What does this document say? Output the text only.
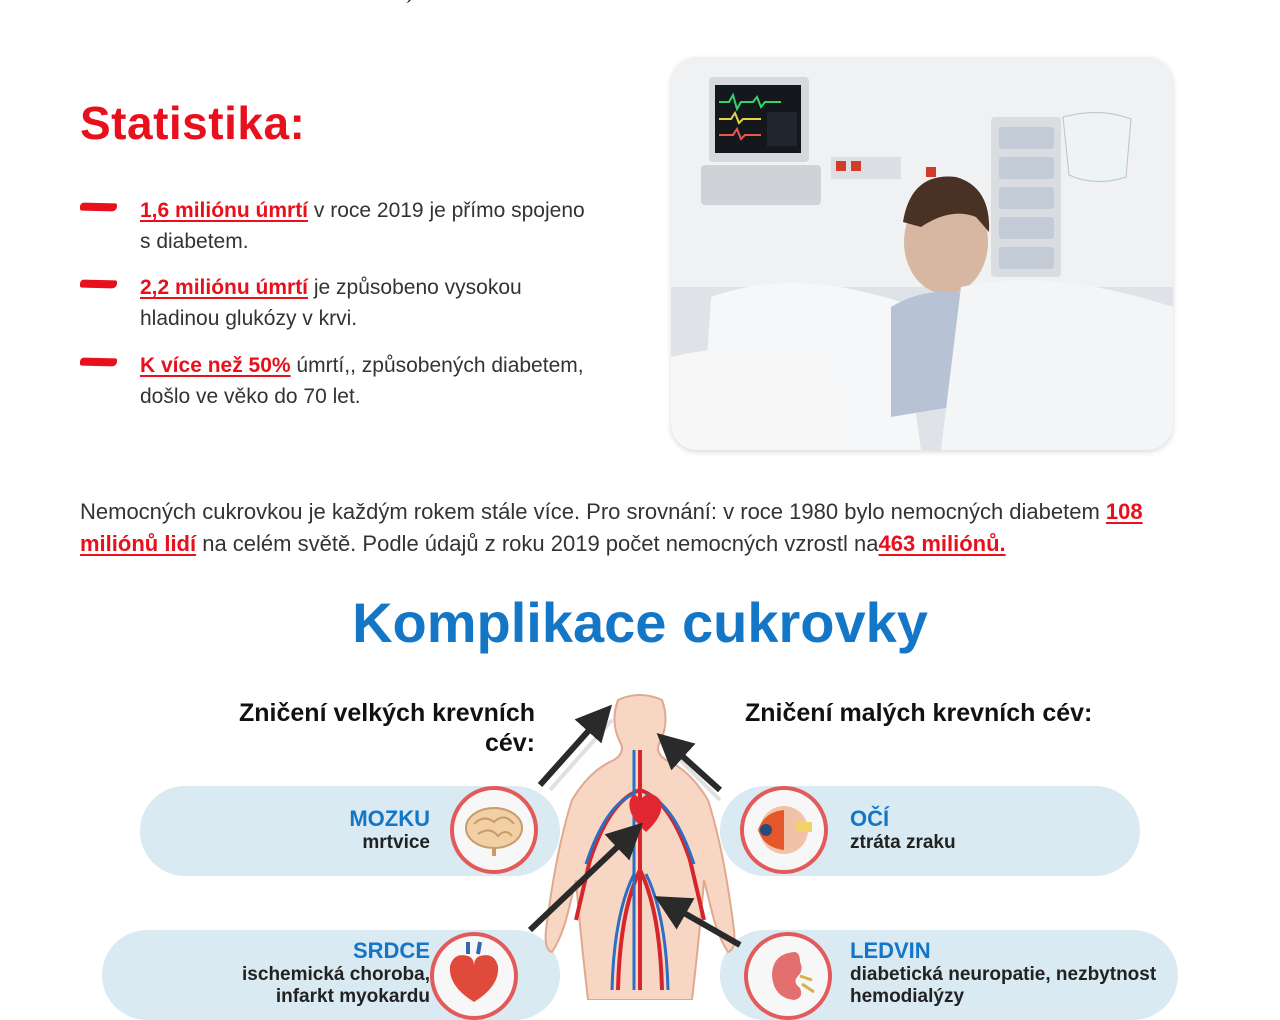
Statistika:
1,6 miliónu úmrtí v roce 2019 je přímo spojeno s diabetem.
2,2 miliónu úmrtí je způsobeno vysokou hladinou glukózy v krvi.
K více než 50% úmrtí,, způsobených diabetem, došlo ve věko do 70 let.

Nemocných cukrovkou je každým rokem stále více. Pro srovnání: v roce 1980 bylo nemocných diabetem 108 miliónů lidí na celém světě. Podle údajů z roku 2019 počet nemocných vzrostl na463 miliónů.

Komplikace cukrovky
Zničení velkých krevních cév:
Zničení malých krevních cév:
MOZKU
mrtvice
OČÍ
ztráta zraku
SRDCE
ischemická choroba, infarkt myokardu
LEDVIN
diabetická neuropatie, nezbytnost hemodialýzy
